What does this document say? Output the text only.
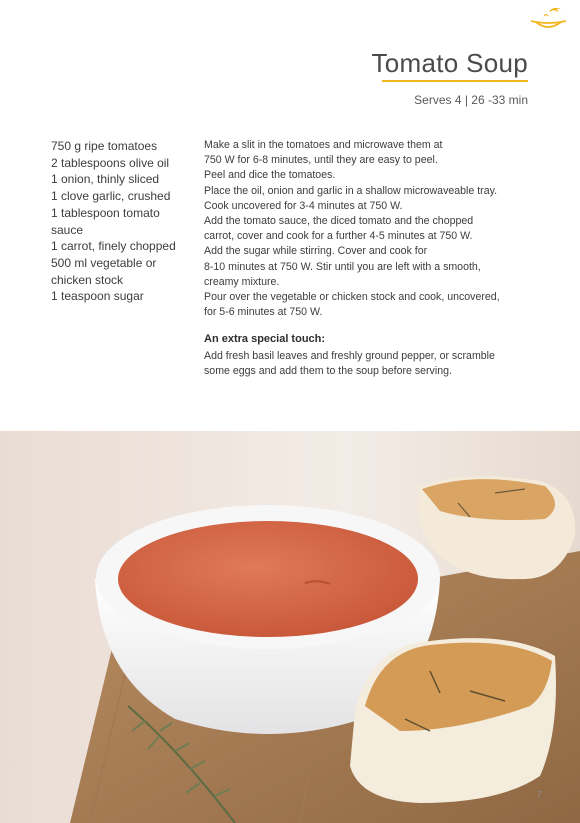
Tomato Soup
Serves 4 | 26 -33 min
750 g ripe tomatoes
2 tablespoons olive oil
1 onion, thinly sliced
1 clove garlic, crushed
1 tablespoon tomato sauce
1 carrot, finely chopped
500 ml vegetable or chicken stock
1 teaspoon sugar

Make a slit in the tomatoes and microwave them at

750 W for 6-8 minutes, until they are easy to peel.

Peel and dice the tomatoes.

Place the oil, onion and garlic in a shallow microwaveable tray.

Cook uncovered for 3-4 minutes at 750 W.

Add the tomato sauce, the diced tomato and the chopped

carrot, cover and cook for a further 4-5 minutes at 750 W.

Add the sugar while stirring. Cover and cook for

8-10 minutes at 750 W. Stir until you are left with a smooth,

creamy mixture.

Pour over the vegetable or chicken stock and cook, uncovered,

for 5-6 minutes at 750 W.

An extra special touch:
Add fresh basil leaves and freshly ground pepper, or scramble
some eggs and add them to the soup before serving.
7
